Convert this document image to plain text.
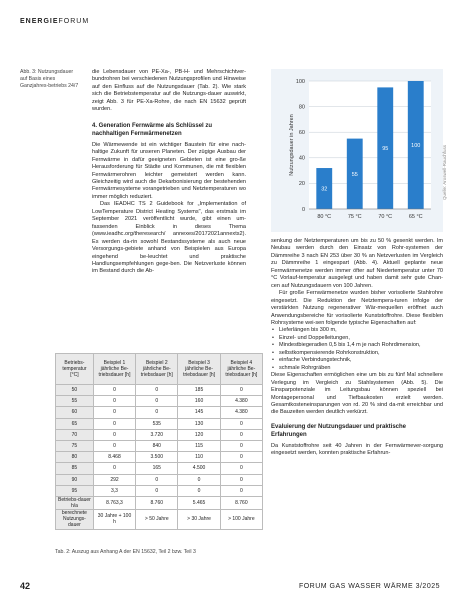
ENERGIEFORUM
Abb. 3: Nutzungsdauer auf Basis eines Ganzjahres-betriebs 24/7

die Lebensdauer von PE-Xa-, PB-H- und Mehrschichtver-bundrohren bei verschiedenen Nutzungsprofilen und Hinweise auf den Einfluss auf die Nutzungsdauer (Tab. 2). Wie stark sich die Betriebstemperatur auf die Nutzungs-dauer auswirkt, zeigt Abb. 3 für PE-Xa-Rohre, die nach EN 15632 geprüft wurden.

4. Generation Fernwärme als Schlüssel zu nachhaltigen Fernwärmenetzen

Die Wärmewende ist ein wichtiger Baustein für eine nach-haltige Zukunft für unseren Planeten. Der zügige Ausbau der Fernwärme in dafür geeigneten Gebieten ist eine gro-ße Herausforderung für Städte und Kommunen, die mit flexiblen Fernwärmerohren leichter gemeistert werden kann. Gleichzeitig wird auch die Dekarbonisierung der bestehenden Fernwärmesysteme vorangetrieben und Netztemperaturen wo immer möglich reduziert.

Das IEADHC TS 2 Guidebook for „Implementation of LowTemperature District Heating Systems", das erstmals im September 2021 veröffentlicht wurde, gibt einen um-fassenden Einblick in dieses Thema (www.ieadhc.org/theresearch/ annexes/20172021annexts2). Es werden da-rin sowohl Bestandssysteme als auch neue Versorgungs-gebiete anhand von Beispielen aus Europa eingehend be-leuchtet und praktische Handlungsempfehlungen gege-ben. Die Netzverluste können im Bestand durch die Ab-

0
20
40
60
80
100
Nutzungsdauer in Jahren
32
80 °C
55
75 °C
95
70 °C
100
65 °C
Quelle: Aroswell-Rauchfuss

senkung der Netztemperaturen um bis zu 50 % gesenkt werden. Im Neubau werden durch den Einsatz von Rohr-systemen der Dämmreihe 3 nach EN 253 über 30 % an Netzverlusten im Vergleich zu Dämmreihe 1 eingespart (Abb. 4). Aktuell geplante neue Fernwärmenetze werden immer öfter auf Niedertemperatur unter 70 °C Vorlauf-temperatur ausgelegt und haben damit sehr gute Chan-cen auf Nutzungsdauern von 100 Jahren.

Für große Fernwärmenetze wurden bisher vorisolierte Stahlrohre eingesetzt. Die Reduktion der Netztempera-turen infolge der verstärkten Nutzung regenerativer Wär-mequellen eröffnet auch Anwendungsbereiche für vorisolierte Kunststoffrohre. Diese flexiblen Rohrsysteme wei-sen folgende typische Eigenschaften auf:

• Lieferlängen bis 300 m,
• Einzel- und Doppelleitungen,
• Mindestbiegeradien 0,5 bis 1,4 m je nach Rohrdimension,
• selbstkompensierende Rohrkonstruktion,
• einfache Verbindungstechnik,
• schmale Rohrgräben

Diese Eigenschaften ermöglichen eine um bis zu fünf Mal schnellere Verlegung im Vergleich zu Stahlsystemen (Abb. 5). Die Einsparpotenziale im Leitungsbau können speziell bei Montagepersonal und Tiefbaukosten erzielt werden. Gesamtkosteneinsparungen von rd. 20 % sind da-mit erreichbar und die Bauzeiten werden deutlich verkürzt.

Evaluierung der Nutzungsdauer und praktische Erfahrungen

Da Kunststoffrohre seit 40 Jahren in der Fernwärmever-sorgung eingesetzt werden, konnten praktische Erfahrun-

Betriebs-temperatur [°C]	Beispiel 1 jährliche Be-triebsdauer [h]	Beispiel 2 jährliche Be-triebsdauer [h]	Beispiel 3 jährliche Be-triebsdauer [h]	Beispiel 4 jährliche Be-triebsdauer [h]
50	0	0	185	0
55	0	0	160	4.380
60	0	0	145	4.380
65	0	535	130	0
70	0	3.720	120	0
75	0	840	115	0
80	8.468	3.500	110	0
85	0	165	4.500	0
90	292	0	0	0
95	3,3	0	0	0
Betriebs-dauer h/a	8.763,3	8.760	5.465	8.760
berechnete Nutzungs-dauer	30 Jahre + 100 h	> 50 Jahre	> 30 Jahre	> 100 Jahre
Tab. 2: Auszug aus Anhang A der EN 15632, Teil 2 bzw. Teil 3
42	FORUM GAS WASSER WÄRME 3/2025
